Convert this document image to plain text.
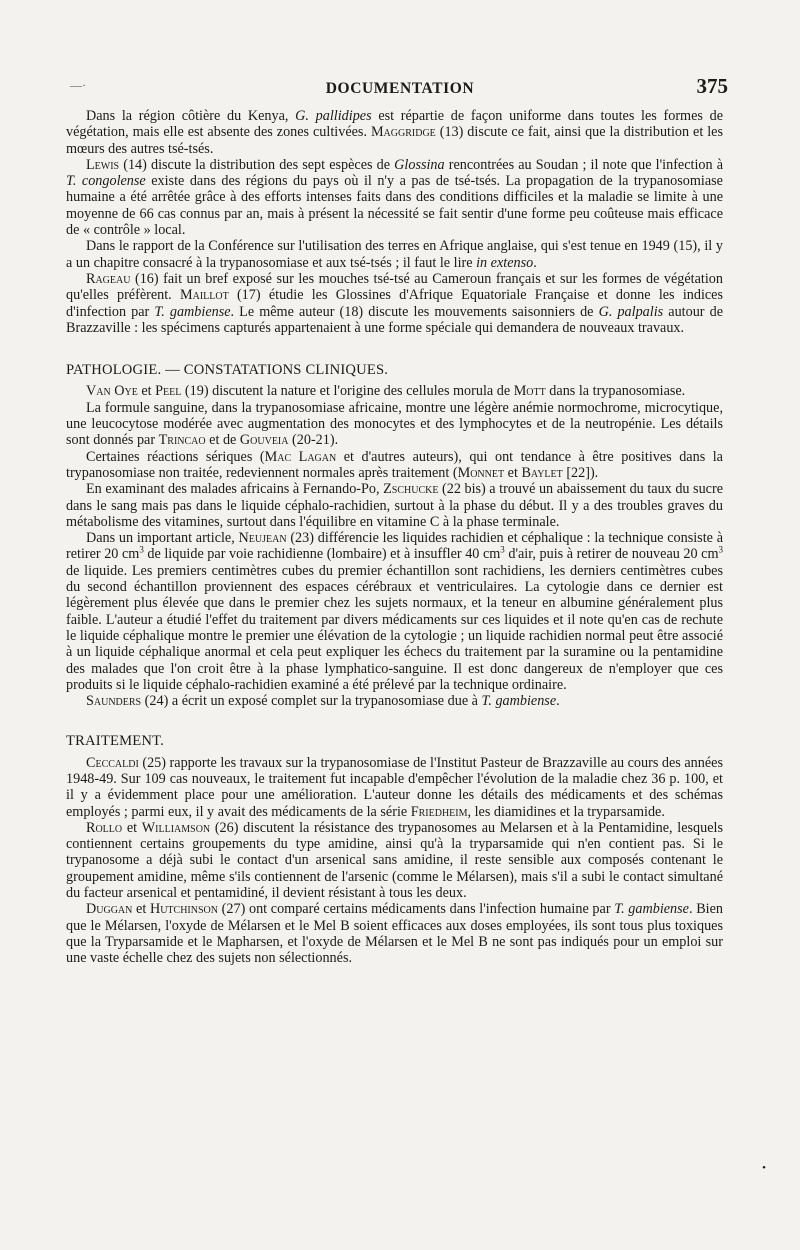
—·	DOCUMENTATION	375

Dans la région côtière du Kenya, G. pallidipes est répartie de façon uniforme dans toutes les formes de végétation, mais elle est absente des zones cultivées. Maggridge (13) discute ce fait, ainsi que la distribution et les mœurs des autres tsé-tsés.

Lewis (14) discute la distribution des sept espèces de Glossina rencontrées au Soudan ; il note que l'infection à T. congolense existe dans des régions du pays où il n'y a pas de tsé-tsés. La propagation de la trypanosomiase humaine a été arrêtée grâce à des efforts intenses faits dans des conditions difficiles et la maladie se limite à une moyenne de 66 cas connus par an, mais à présent la nécessité se fait sentir d'une forme peu coûteuse mais efficace de « contrôle » local.

Dans le rapport de la Conférence sur l'utilisation des terres en Afrique anglaise, qui s'est tenue en 1949 (15), il y a un chapitre consacré à la trypanosomiase et aux tsé-tsés ; il faut le lire in extenso.

Rageau (16) fait un bref exposé sur les mouches tsé-tsé au Cameroun français et sur les formes de végétation qu'elles préfèrent. Maillot (17) étudie les Glossines d'Afrique Equatoriale Française et donne les indices d'infection par T. gambiense. Le même auteur (18) discute les mouvements saisonniers de G. palpalis autour de Brazzaville : les spécimens capturés appartenaient à une forme spéciale qui demandera de nouveaux travaux.

PATHOLOGIE. — CONSTATATIONS CLINIQUES.

Van Oye et Peel (19) discutent la nature et l'origine des cellules morula de Mott dans la trypanosomiase.

La formule sanguine, dans la trypanosomiase africaine, montre une légère anémie normochrome, microcytique, une leucocytose modérée avec augmentation des monocytes et des lymphocytes et de la neutropénie. Les détails sont donnés par Trincao et de Gouveia (20-21).

Certaines réactions sériques (Mac Lagan et d'autres auteurs), qui ont tendance à être positives dans la trypanosomiase non traitée, redeviennent normales après traitement (Monnet et Baylet [22]).

En examinant des malades africains à Fernando-Po, Zschucke (22 bis) a trouvé un abaissement du taux du sucre dans le sang mais pas dans le liquide céphalo-rachidien, surtout à la phase du début. Il y a des troubles graves du métabolisme des vitamines, surtout dans l'équilibre en vitamine C à la phase terminale.

Dans un important article, Neujean (23) différencie les liquides rachidien et céphalique : la technique consiste à retirer 20 $cm^3$ de liquide par voie rachidienne (lombaire) et à insuffler 40 $cm^3$ d'air, puis à retirer de nouveau 20 $cm^3$ de liquide. Les premiers centimètres cubes du premier échantillon sont rachidiens, les derniers centimètres cubes du second échantillon proviennent des espaces cérébraux et ventriculaires. La cytologie dans ce dernier est légèrement plus élevée que dans le premier chez les sujets normaux, et la teneur en albumine généralement plus faible. L'auteur a étudié l'effet du traitement par divers médicaments sur ces liquides et il note qu'en cas de rechute le liquide céphalique montre le premier une élévation de la cytologie ; un liquide rachidien normal peut être associé à un liquide céphalique anormal et cela peut expliquer les échecs du traitement par la suramine ou la pentamidine des malades que l'on croit être à la phase lymphatico-sanguine. Il est donc dangereux de n'employer que ces produits si le liquide céphalo-rachidien examiné a été prélevé par la technique ordinaire.

Saunders (24) a écrit un exposé complet sur la trypanosomiase due à T. gambiense.

TRAITEMENT.

Ceccaldi (25) rapporte les travaux sur la trypanosomiase de l'Institut Pasteur de Brazzaville au cours des années 1948-49. Sur 109 cas nouveaux, le traitement fut incapable d'empêcher l'évolution de la maladie chez 36 p. 100, et il y a évidemment place pour une amélioration. L'auteur donne les détails des médicaments et des schémas employés ; parmi eux, il y avait des médicaments de la série Friedheim, les diamidines et la tryparsamide.

Rollo et Williamson (26) discutent la résistance des trypanosomes au Melarsen et à la Pentamidine, lesquels contiennent certains groupements du type amidine, ainsi qu'à la tryparsamide qui n'en contient pas. Si le trypanosome a déjà subi le contact d'un arsenical sans amidine, il reste sensible aux composés contenant le groupement amidine, même s'ils contiennent de l'arsenic (comme le Mélarsen), mais s'il a subi le contact simultané du facteur arsenical et pentamidiné, il devient résistant à tous les deux.

Duggan et Hutchinson (27) ont comparé certains médicaments dans l'infection humaine par T. gambiense. Bien que le Mélarsen, l'oxyde de Mélarsen et le Mel B soient efficaces aux doses employées, ils sont tous plus toxiques que la Tryparsamide et le Mapharsen, et l'oxyde de Mélarsen et le Mel B ne sont pas indiqués pour un emploi sur une vaste échelle chez des sujets non sélectionnés.

•
